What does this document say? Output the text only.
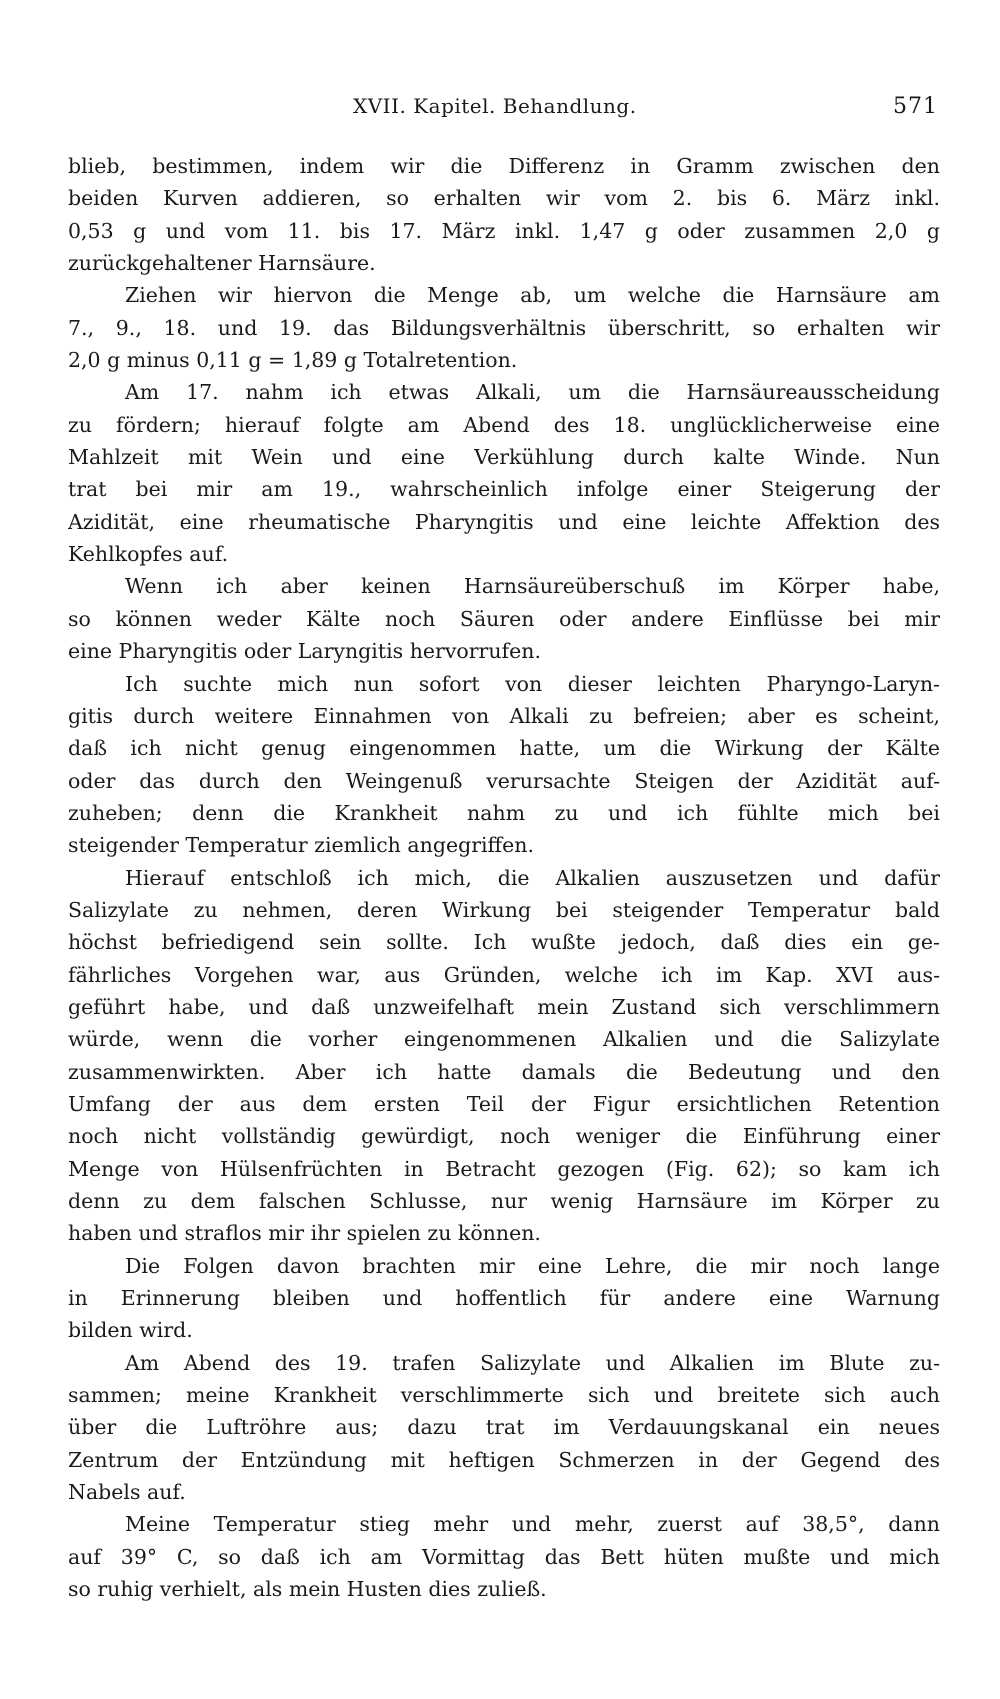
XVII. Kapitel. Behandlung.	571
blieb, bestimmen, indem wir die Differenz in Gramm zwischen den
beiden Kurven addieren, so erhalten wir vom 2. bis 6. März inkl.
0,53 g und vom 11. bis 17. März inkl. 1,47 g oder zusammen 2,0 g
zurückgehaltener Harnsäure.
Ziehen wir hiervon die Menge ab, um welche die Harnsäure am
7., 9., 18. und 19. das Bildungsverhältnis überschritt, so erhalten wir
2,0 g minus 0,11 g = 1,89 g Totalretention.
Am 17. nahm ich etwas Alkali, um die Harnsäureausscheidung
zu fördern; hierauf folgte am Abend des 18. unglücklicherweise eine
Mahlzeit mit Wein und eine Verkühlung durch kalte Winde. Nun
trat bei mir am 19., wahrscheinlich infolge einer Steigerung der
Azidität, eine rheumatische Pharyngitis und eine leichte Affektion des
Kehlkopfes auf.
Wenn ich aber keinen Harnsäureüberschuß im Körper habe,
so können weder Kälte noch Säuren oder andere Einflüsse bei mir
eine Pharyngitis oder Laryngitis hervorrufen.
Ich suchte mich nun sofort von dieser leichten Pharyngo-Laryn-
gitis durch weitere Einnahmen von Alkali zu befreien; aber es scheint,
daß ich nicht genug eingenommen hatte, um die Wirkung der Kälte
oder das durch den Weingenuß verursachte Steigen der Azidität auf-
zuheben; denn die Krankheit nahm zu und ich fühlte mich bei
steigender Temperatur ziemlich angegriffen.
Hierauf entschloß ich mich, die Alkalien auszusetzen und dafür
Salizylate zu nehmen, deren Wirkung bei steigender Temperatur bald
höchst befriedigend sein sollte. Ich wußte jedoch, daß dies ein ge-
fährliches Vorgehen war, aus Gründen, welche ich im Kap. XVI aus-
geführt habe, und daß unzweifelhaft mein Zustand sich verschlimmern
würde, wenn die vorher eingenommenen Alkalien und die Salizylate
zusammenwirkten. Aber ich hatte damals die Bedeutung und den
Umfang der aus dem ersten Teil der Figur ersichtlichen Retention
noch nicht vollständig gewürdigt, noch weniger die Einführung einer
Menge von Hülsenfrüchten in Betracht gezogen (Fig. 62); so kam ich
denn zu dem falschen Schlusse, nur wenig Harnsäure im Körper zu
haben und straflos mir ihr spielen zu können.
Die Folgen davon brachten mir eine Lehre, die mir noch lange
in Erinnerung bleiben und hoffentlich für andere eine Warnung
bilden wird.
Am Abend des 19. trafen Salizylate und Alkalien im Blute zu-
sammen; meine Krankheit verschlimmerte sich und breitete sich auch
über die Luftröhre aus; dazu trat im Verdauungskanal ein neues
Zentrum der Entzündung mit heftigen Schmerzen in der Gegend des
Nabels auf.
Meine Temperatur stieg mehr und mehr, zuerst auf 38,5°, dann
auf 39° C, so daß ich am Vormittag das Bett hüten mußte und mich
so ruhig verhielt, als mein Husten dies zuließ.
